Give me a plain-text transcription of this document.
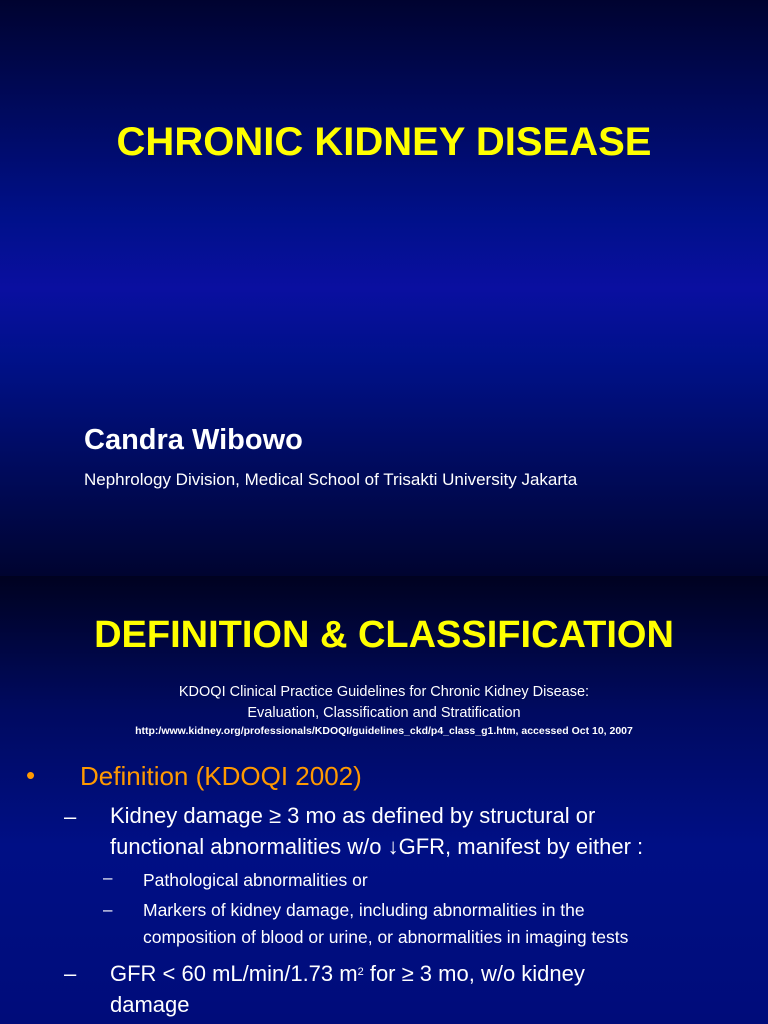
CHRONIC KIDNEY DISEASE
Candra Wibowo
Nephrology Division, Medical School of Trisakti University Jakarta
DEFINITION & CLASSIFICATION
KDOQI Clinical Practice Guidelines for Chronic Kidney Disease:
Evaluation, Classification and Stratification
http:/www.kidney.org/professionals/KDOQI/guidelines_ckd/p4_class_g1.htm, accessed Oct 10, 2007
• Definition (KDOQI 2002)
– Kidney damage ≥ 3 mo as defined by structural or
functional abnormalities w/o ↓GFR, manifest by either :
– Pathological abnormalities or
– Markers of kidney damage, including abnormalities in the
composition of blood or urine, or abnormalities in imaging tests
– GFR < 60 mL/min/1.73 $m^2$ for ≥ 3 mo, w/o kidney
damage
